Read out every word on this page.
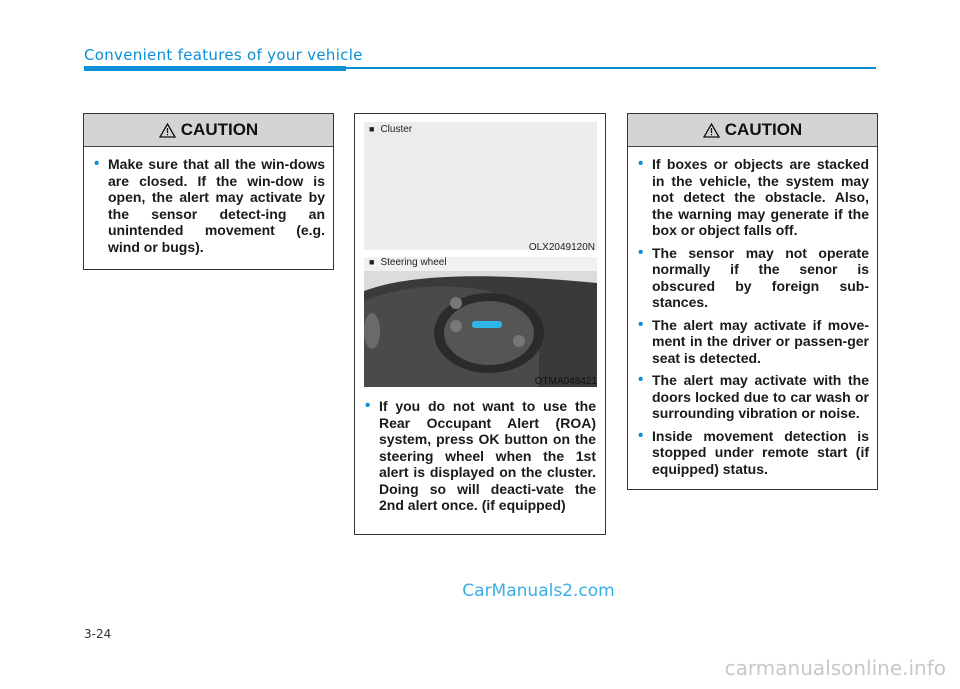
Convenient features of your vehicle
CAUTION
• Make sure that all the win-dows are closed. If the win-dow is open, the alert may activate by the sensor detect-ing an unintended movement (e.g. wind or bugs).
■ Cluster
OLX2049120N
■ Steering wheel
OTMA048421
• If you do not want to use the Rear Occupant Alert (ROA) system, press OK button on the steering wheel when the 1st alert is displayed on the cluster. Doing so will deacti-vate the 2nd alert once. (if equipped)
CAUTION
• If boxes or objects are stacked in the vehicle, the system may not detect the obstacle. Also, the warning may generate if the box or object falls off.
• The sensor may not operate normally if the senor is obscured by foreign sub-stances.
• The alert may activate if move-ment in the driver or passen-ger seat is detected.
• The alert may activate with the doors locked due to car wash or surrounding vibration or noise.
• Inside movement detection is stopped under remote start (if equipped) status.
CarManuals2.com
3-24
carmanualsonline.info
